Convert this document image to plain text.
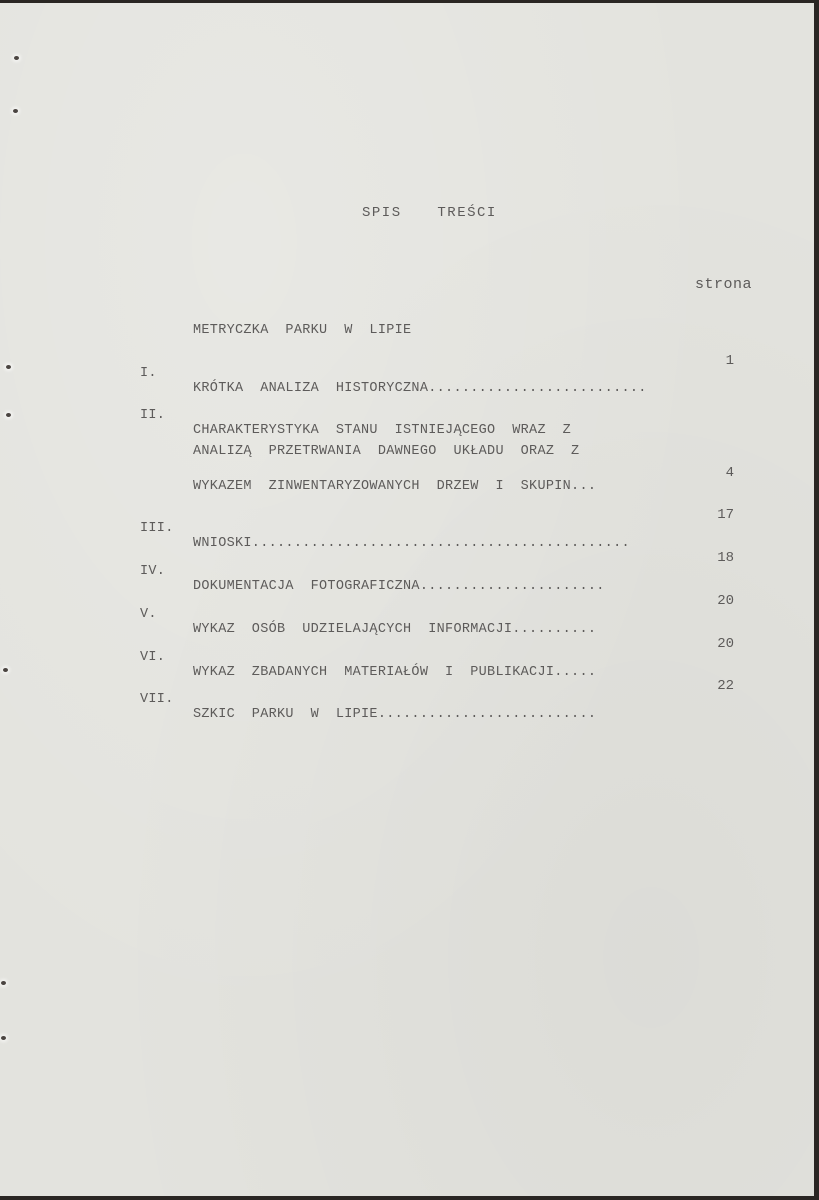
SPIS  TREŚCI
strona

METRYCZKA  PARKU  W  LIPIE

I.

KRÓTKA  ANALIZA  HISTORYCZNA..........................

1

II.

CHARAKTERYSTYKA  STANU  ISTNIEJĄCEGO  WRAZ  Z

ANALIZĄ  PRZETRWANIA  DAWNEGO  UKŁADU  ORAZ  Z

WYKAZEM  ZINWENTARYZOWANYCH  DRZEW  I  SKUPIN...

4

III.

WNIOSKI.............................................

17

IV.

DOKUMENTACJA  FOTOGRAFICZNA......................

18

V.

WYKAZ  OSÓB  UDZIELAJĄCYCH  INFORMACJI..........

20

VI.

WYKAZ  ZBADANYCH  MATERIAŁÓW  I  PUBLIKACJI.....

20

VII.

SZKIC  PARKU  W  LIPIE..........................

22
